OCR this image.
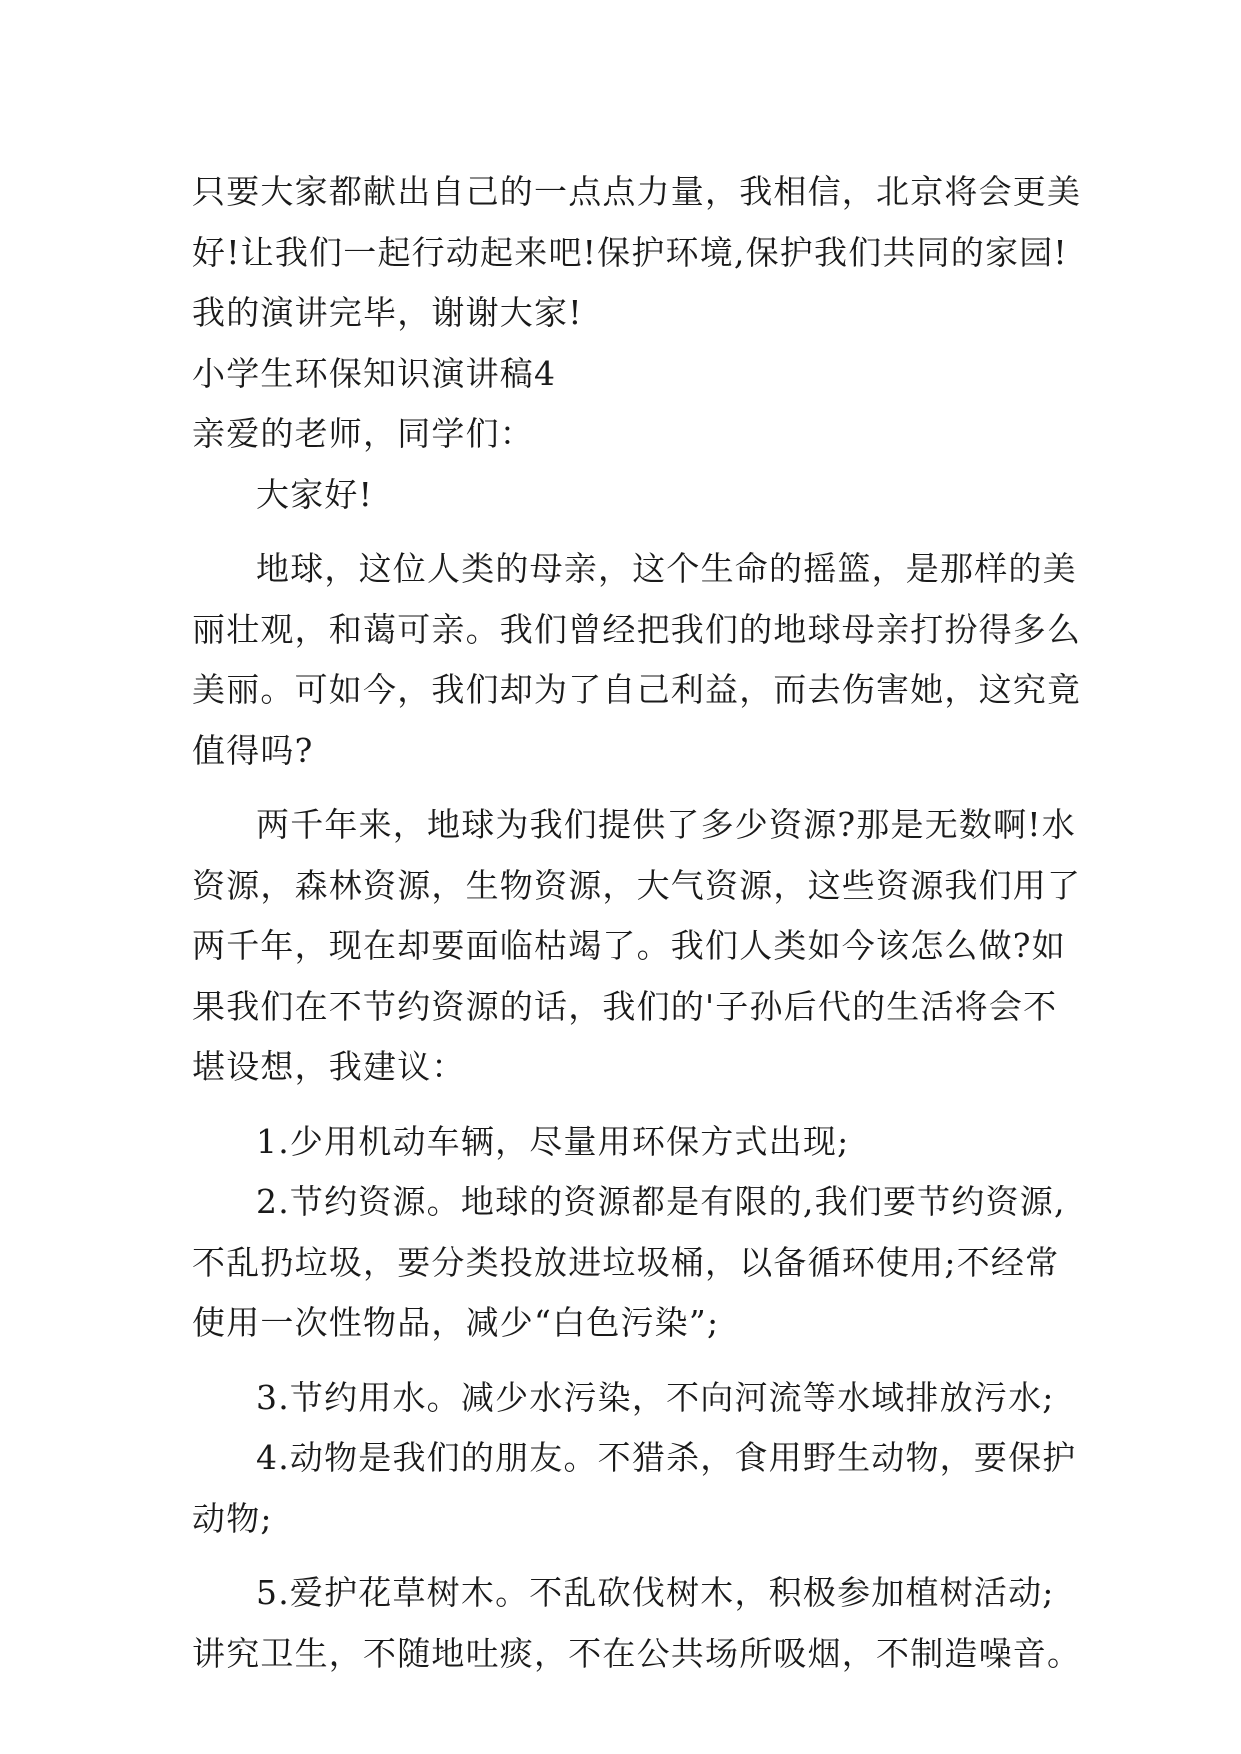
只要大家都献出自己的一点点力量，我相信，北京将会更美

好!让我们一起行动起来吧!保护环境,保护我们共同的家园!

我的演讲完毕，谢谢大家!

小学生环保知识演讲稿4

亲爱的老师，同学们：

大家好!

地球，这位人类的母亲，这个生命的摇篮，是那样的美

丽壮观，和蔼可亲。我们曾经把我们的地球母亲打扮得多么

美丽。可如今，我们却为了自己利益，而去伤害她，这究竟

值得吗?

两千年来，地球为我们提供了多少资源?那是无数啊!水

资源，森林资源，生物资源，大气资源，这些资源我们用了

两千年，现在却要面临枯竭了。我们人类如今该怎么做?如

果我们在不节约资源的话，我们的'子孙后代的生活将会不

堪设想，我建议：

1.少用机动车辆，尽量用环保方式出现;

2.节约资源。地球的资源都是有限的,我们要节约资源,

不乱扔垃圾，要分类投放进垃圾桶，以备循环使用;不经常

使用一次性物品，减少“白色污染”;

3.节约用水。减少水污染，不向河流等水域排放污水;

4.动物是我们的朋友。不猎杀，食用野生动物，要保护

动物;

5.爱护花草树木。不乱砍伐树木，积极参加植树活动;

讲究卫生，不随地吐痰，不在公共场所吸烟，不制造噪音。
